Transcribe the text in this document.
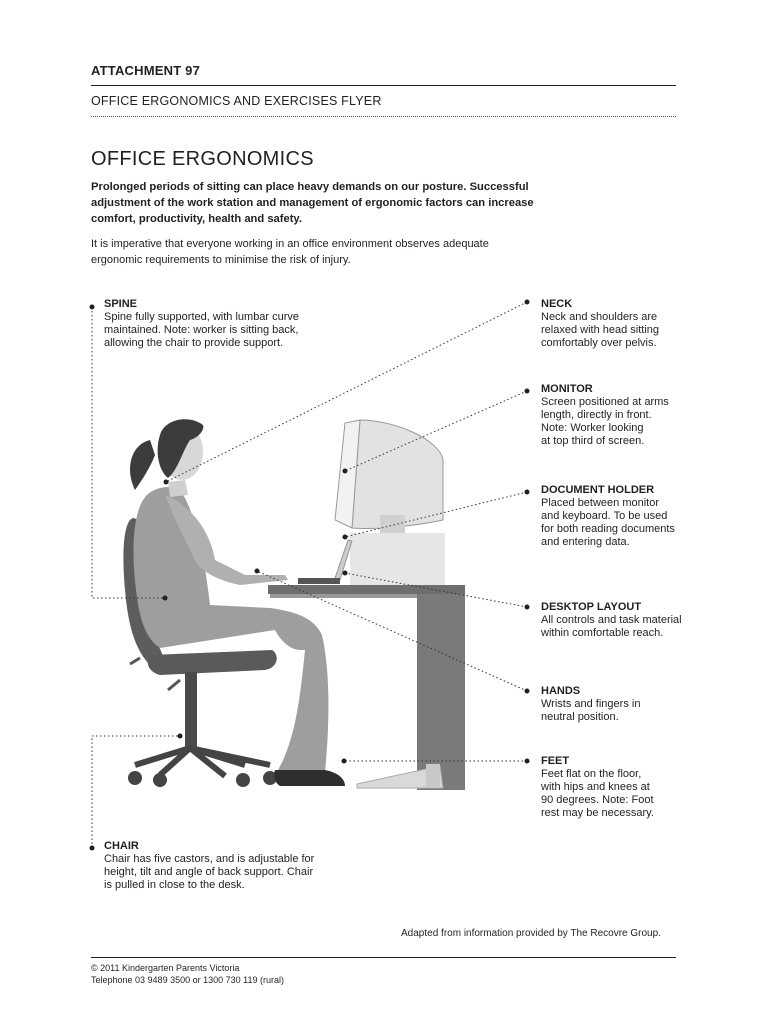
ATTACHMENT 97
OFFICE ERGONOMICS AND EXERCISES FLYER
OFFICE ERGONOMICS
Prolonged periods of sitting can place heavy demands on our posture. Successful adjustment of the work station and management of ergonomic factors can increase comfort, productivity, health and safety.
It is imperative that everyone working in an office environment observes adequate ergonomic requirements to minimise the risk of injury.
SPINE
Spine fully supported, with lumbar curve
maintained. Note: worker is sitting back,
allowing the chair to provide support.
NECK
Neck and shoulders are
relaxed with head sitting
comfortably over pelvis.
MONITOR
Screen positioned at arms
length, directly in front.
Note: Worker looking
at top third of screen.
DOCUMENT HOLDER
Placed between monitor
and keyboard. To be used
for both reading documents
and entering data.
DESKTOP LAYOUT
All controls and task material
within comfortable reach.
HANDS
Wrists and fingers in
neutral position.
FEET
Feet flat on the floor,
with hips and knees at
90 degrees. Note: Foot
rest may be necessary.
CHAIR
Chair has five castors, and is adjustable for
height, tilt and angle of back support. Chair
is pulled in close to the desk.
Adapted from information provided by The Recovre Group.
© 2011 Kindergarten Parents Victoria
Telephone 03 9489 3500 or 1300 730 119 (rural)
